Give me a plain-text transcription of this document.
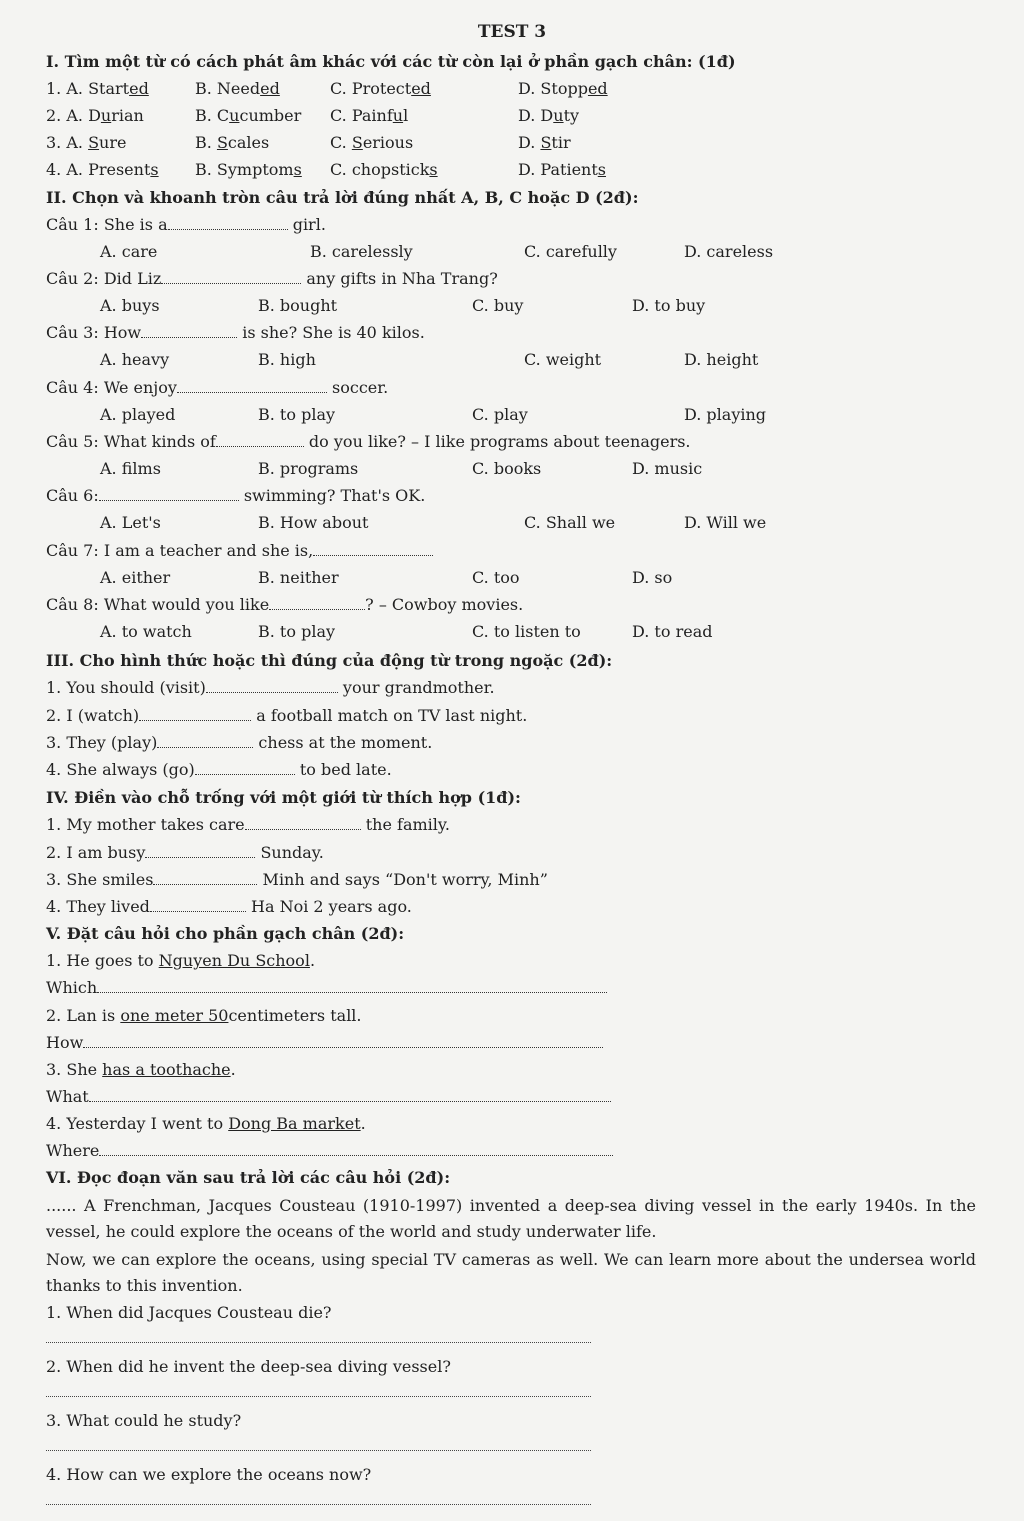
TEST 3
I. Tìm một từ có cách phát âm khác với các từ còn lại ở phần gạch chân: (1đ)
1. A. Started	B. Needed	C. Protected	D. Stopped
2. A. Durian	B. Cucumber C. Painful	D. Duty
3. A. Sure	B. Scales	C. Serious	D. Stir
4. A. Presents B. Symptoms C. chopsticks	D. Patients
II. Chọn và khoanh tròn câu trả lời đúng nhất A, B, C hoặc D (2đ):
Câu 1: She is a	girl.
A. care	B. carelessly	C. carefully	D. careless
Câu 2: Did Liz	any gifts in Nha Trang?
A. buys	B. bought	C. buy	D. to buy
Câu 3: How	is she? She is 40 kilos.
A. heavy	B. high	C. weight	D. height
Câu 4: We enjoy	soccer.
A. played	B. to play	C. play	D. playing
Câu 5: What kinds of	do you like? – I like programs about teenagers.
A. films	B. programs	C. books	D. music
Câu 6:	swimming? That's OK.
A. Let's	B. How about	C. Shall we	D. Will we
Câu 7: I am a teacher and she is,
A. either	B. neither	C. too	D. so
Câu 8: What would you like	? – Cowboy movies.
A. to watch	B. to play	C. to listen to	D. to read
III. Cho hình thức hoặc thì đúng của động từ trong ngoặc (2đ):
1. You should (visit)	your grandmother.
2. I (watch)	a football match on TV last night.
3. They (play)	chess at the moment.
4. She always (go)	to bed late.
IV. Điền vào chỗ trống với một giới từ thích hợp (1đ):
1. My mother takes care	the family.
2. I am busy	Sunday.
3. She smiles	Minh and says “Don't worry, Minh”
4. They lived	Ha Noi 2 years ago.
V. Đặt câu hỏi cho phần gạch chân (2đ):
1. He goes to Nguyen Du School.
Which
2. Lan is one meter 50centimeters tall.
How
3. She has a toothache.
What
4. Yesterday I went to Dong Ba market.
Where
VI. Đọc đoạn văn sau trả lời các câu hỏi (2đ):
...... A Frenchman, Jacques Cousteau (1910-1997) invented a deep-sea diving vessel in the early 1940s. In the vessel, he could explore the oceans of the world and study underwater life.
Now, we can explore the oceans, using special TV cameras as well. We can learn more about the undersea world thanks to this invention.
1. When did Jacques Cousteau die?
2. When did he invent the deep-sea diving vessel?
3. What could he study?
4. How can we explore the oceans now?
